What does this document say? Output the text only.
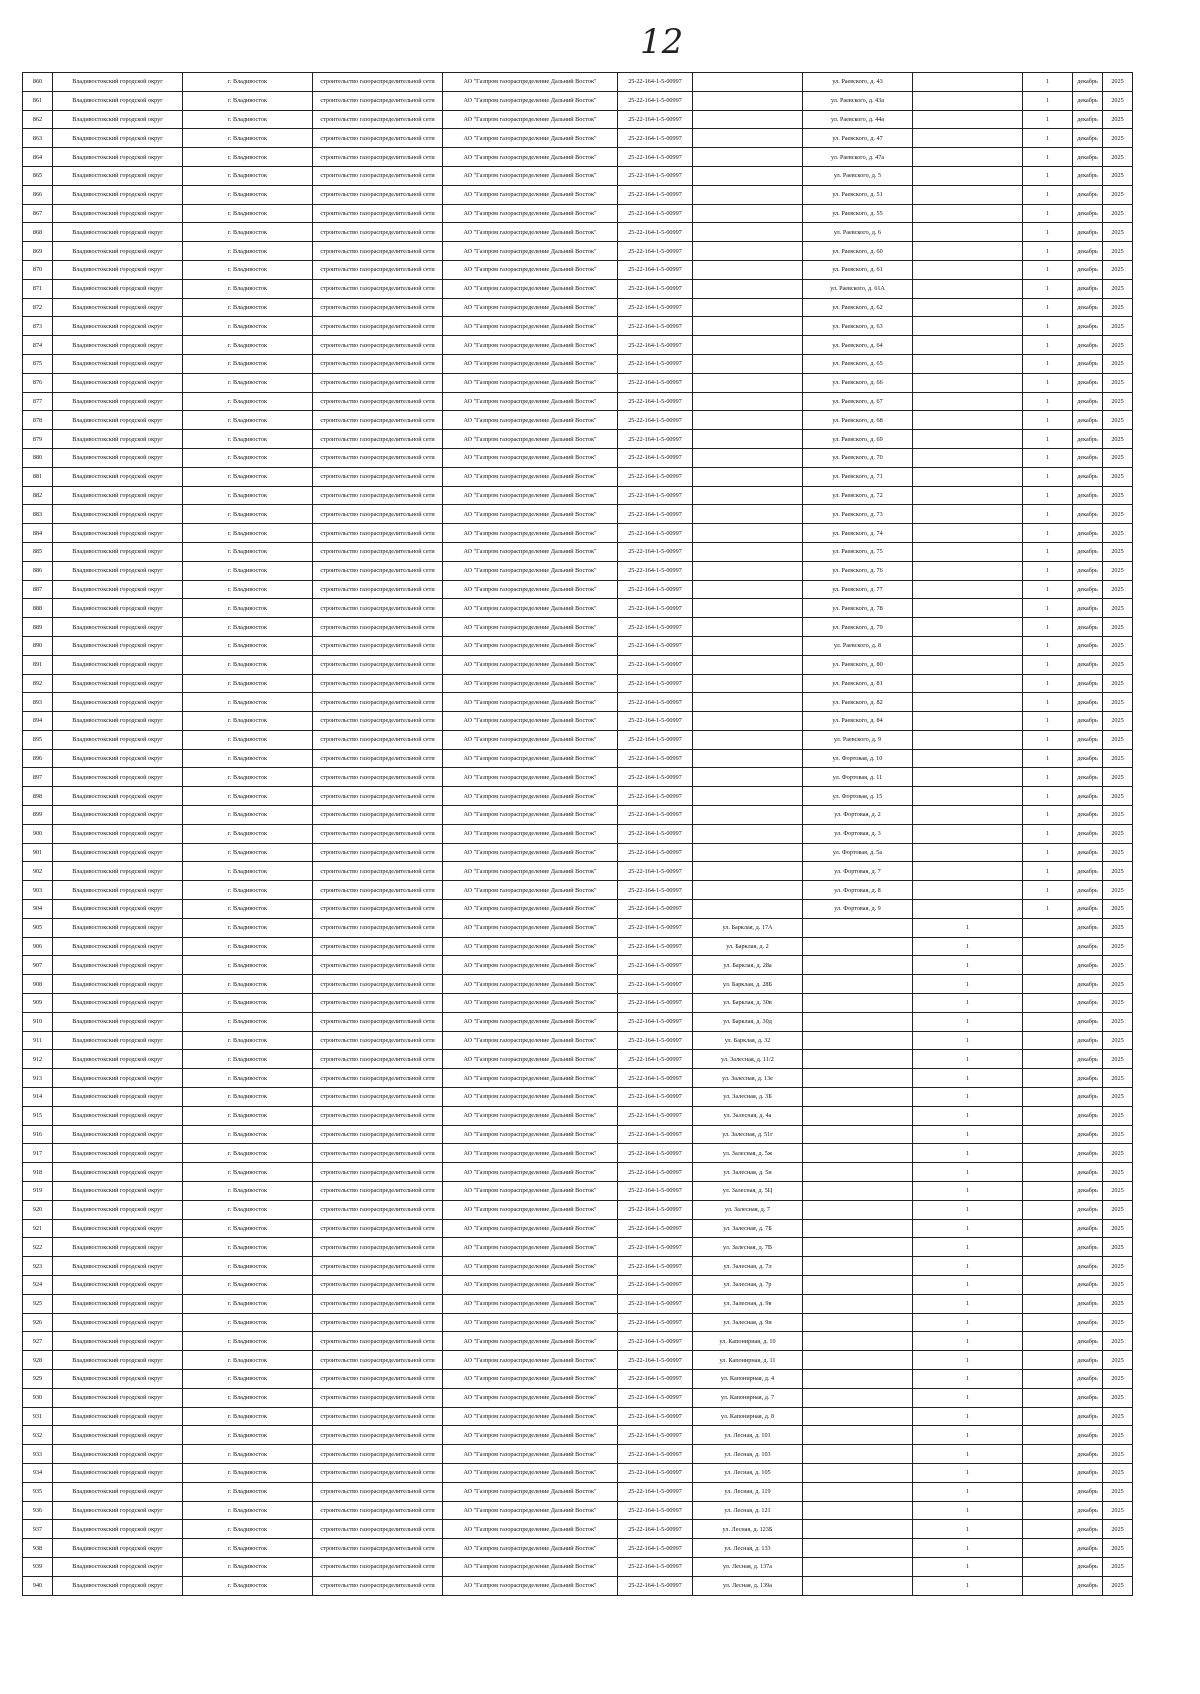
12
860	Владивостокский городской округ	г. Владивосток	строительство газораспределительной сети	АО "Газпром газораспределение Дальний Восток"	25-22-164-1-5-00997		ул. Раевского, д. 43		1	декабрь	2025
861	Владивостокский городской округ	г. Владивосток	строительство газораспределительной сети	АО "Газпром газораспределение Дальний Восток"	25-22-164-1-5-00997		ул. Раевского, д. 43а		1	декабрь	2025
862	Владивостокский городской округ	г. Владивосток	строительство газораспределительной сети	АО "Газпром газораспределение Дальний Восток"	25-22-164-1-5-00997		ул. Раевского, д. 44а		1	декабрь	2025
863	Владивостокский городской округ	г. Владивосток	строительство газораспределительной сети	АО "Газпром газораспределение Дальний Восток"	25-22-164-1-5-00997		ул. Раевского, д. 47		1	декабрь	2025
864	Владивостокский городской округ	г. Владивосток	строительство газораспределительной сети	АО "Газпром газораспределение Дальний Восток"	25-22-164-1-5-00997		ул. Раевского, д. 47а		1	декабрь	2025
865	Владивостокский городской округ	г. Владивосток	строительство газораспределительной сети	АО "Газпром газораспределение Дальний Восток"	25-22-164-1-5-00997		ул. Раевского, д. 5		1	декабрь	2025
866	Владивостокский городской округ	г. Владивосток	строительство газораспределительной сети	АО "Газпром газораспределение Дальний Восток"	25-22-164-1-5-00997		ул. Раевского, д. 51		1	декабрь	2025
867	Владивостокский городской округ	г. Владивосток	строительство газораспределительной сети	АО "Газпром газораспределение Дальний Восток"	25-22-164-1-5-00997		ул. Раевского, д. 55		1	декабрь	2025
868	Владивостокский городской округ	г. Владивосток	строительство газораспределительной сети	АО "Газпром газораспределение Дальний Восток"	25-22-164-1-5-00997		ул. Раевского, д. 6		1	декабрь	2025
869	Владивостокский городской округ	г. Владивосток	строительство газораспределительной сети	АО "Газпром газораспределение Дальний Восток"	25-22-164-1-5-00997		ул. Раевского, д. 60		1	декабрь	2025
870	Владивостокский городской округ	г. Владивосток	строительство газораспределительной сети	АО "Газпром газораспределение Дальний Восток"	25-22-164-1-5-00997		ул. Раевского, д. 61		1	декабрь	2025
871	Владивостокский городской округ	г. Владивосток	строительство газораспределительной сети	АО "Газпром газораспределение Дальний Восток"	25-22-164-1-5-00997		ул. Раевского, д. 61А		1	декабрь	2025
872	Владивостокский городской округ	г. Владивосток	строительство газораспределительной сети	АО "Газпром газораспределение Дальний Восток"	25-22-164-1-5-00997		ул. Раевского, д. 62		1	декабрь	2025
873	Владивостокский городской округ	г. Владивосток	строительство газораспределительной сети	АО "Газпром газораспределение Дальний Восток"	25-22-164-1-5-00997		ул. Раевского, д. 63		1	декабрь	2025
874	Владивостокский городской округ	г. Владивосток	строительство газораспределительной сети	АО "Газпром газораспределение Дальний Восток"	25-22-164-1-5-00997		ул. Раевского, д. 64		1	декабрь	2025
875	Владивостокский городской округ	г. Владивосток	строительство газораспределительной сети	АО "Газпром газораспределение Дальний Восток"	25-22-164-1-5-00997		ул. Раевского, д. 65		1	декабрь	2025
876	Владивостокский городской округ	г. Владивосток	строительство газораспределительной сети	АО "Газпром газораспределение Дальний Восток"	25-22-164-1-5-00997		ул. Раевского, д. 66		1	декабрь	2025
877	Владивостокский городской округ	г. Владивосток	строительство газораспределительной сети	АО "Газпром газораспределение Дальний Восток"	25-22-164-1-5-00997		ул. Раевского, д. 67		1	декабрь	2025
878	Владивостокский городской округ	г. Владивосток	строительство газораспределительной сети	АО "Газпром газораспределение Дальний Восток"	25-22-164-1-5-00997		ул. Раевского, д. 68		1	декабрь	2025
879	Владивостокский городской округ	г. Владивосток	строительство газораспределительной сети	АО "Газпром газораспределение Дальний Восток"	25-22-164-1-5-00997		ул. Раевского, д. 69		1	декабрь	2025
880	Владивостокский городской округ	г. Владивосток	строительство газораспределительной сети	АО "Газпром газораспределение Дальний Восток"	25-22-164-1-5-00997		ул. Раевского, д. 70		1	декабрь	2025
881	Владивостокский городской округ	г. Владивосток	строительство газораспределительной сети	АО "Газпром газораспределение Дальний Восток"	25-22-164-1-5-00997		ул. Раевского, д. 71		1	декабрь	2025
882	Владивостокский городской округ	г. Владивосток	строительство газораспределительной сети	АО "Газпром газораспределение Дальний Восток"	25-22-164-1-5-00997		ул. Раевского, д. 72		1	декабрь	2025
883	Владивостокский городской округ	г. Владивосток	строительство газораспределительной сети	АО "Газпром газораспределение Дальний Восток"	25-22-164-1-5-00997		ул. Раевского, д. 73		1	декабрь	2025
884	Владивостокский городской округ	г. Владивосток	строительство газораспределительной сети	АО "Газпром газораспределение Дальний Восток"	25-22-164-1-5-00997		ул. Раевского, д. 74		1	декабрь	2025
885	Владивостокский городской округ	г. Владивосток	строительство газораспределительной сети	АО "Газпром газораспределение Дальний Восток"	25-22-164-1-5-00997		ул. Раевского, д. 75		1	декабрь	2025
886	Владивостокский городской округ	г. Владивосток	строительство газораспределительной сети	АО "Газпром газораспределение Дальний Восток"	25-22-164-1-5-00997		ул. Раевского, д. 76		1	декабрь	2025
887	Владивостокский городской округ	г. Владивосток	строительство газораспределительной сети	АО "Газпром газораспределение Дальний Восток"	25-22-164-1-5-00997		ул. Раевского, д. 77		1	декабрь	2025
888	Владивостокский городской округ	г. Владивосток	строительство газораспределительной сети	АО "Газпром газораспределение Дальний Восток"	25-22-164-1-5-00997		ул. Раевского, д. 78		1	декабрь	2025
889	Владивостокский городской округ	г. Владивосток	строительство газораспределительной сети	АО "Газпром газораспределение Дальний Восток"	25-22-164-1-5-00997		ул. Раевского, д. 79		1	декабрь	2025
890	Владивостокский городской округ	г. Владивосток	строительство газораспределительной сети	АО "Газпром газораспределение Дальний Восток"	25-22-164-1-5-00997		ул. Раевского, д. 8		1	декабрь	2025
891	Владивостокский городской округ	г. Владивосток	строительство газораспределительной сети	АО "Газпром газораспределение Дальний Восток"	25-22-164-1-5-00997		ул. Раевского, д. 80		1	декабрь	2025
892	Владивостокский городской округ	г. Владивосток	строительство газораспределительной сети	АО "Газпром газораспределение Дальний Восток"	25-22-164-1-5-00997		ул. Раевского, д. 81		1	декабрь	2025
893	Владивостокский городской округ	г. Владивосток	строительство газораспределительной сети	АО "Газпром газораспределение Дальний Восток"	25-22-164-1-5-00997		ул. Раевского, д. 82		1	декабрь	2025
894	Владивостокский городской округ	г. Владивосток	строительство газораспределительной сети	АО "Газпром газораспределение Дальний Восток"	25-22-164-1-5-00997		ул. Раевского, д. 84		1	декабрь	2025
895	Владивостокский городской округ	г. Владивосток	строительство газораспределительной сети	АО "Газпром газораспределение Дальний Восток"	25-22-164-1-5-00997		ул. Раевского, д. 9		1	декабрь	2025
896	Владивостокский городской округ	г. Владивосток	строительство газораспределительной сети	АО "Газпром газораспределение Дальний Восток"	25-22-164-1-5-00997		ул. Фортовая, д. 10		1	декабрь	2025
897	Владивостокский городской округ	г. Владивосток	строительство газораспределительной сети	АО "Газпром газораспределение Дальний Восток"	25-22-164-1-5-00997		ул. Фортовая, д. 11		1	декабрь	2025
898	Владивостокский городской округ	г. Владивосток	строительство газораспределительной сети	АО "Газпром газораспределение Дальний Восток"	25-22-164-1-5-00997		ул. Фортовая, д. 15		1	декабрь	2025
899	Владивостокский городской округ	г. Владивосток	строительство газораспределительной сети	АО "Газпром газораспределение Дальний Восток"	25-22-164-1-5-00997		ул. Фортовая, д. 2		1	декабрь	2025
900	Владивостокский городской округ	г. Владивосток	строительство газораспределительной сети	АО "Газпром газораспределение Дальний Восток"	25-22-164-1-5-00997		ул. Фортовая, д. 3		1	декабрь	2025
901	Владивостокский городской округ	г. Владивосток	строительство газораспределительной сети	АО "Газпром газораспределение Дальний Восток"	25-22-164-1-5-00997		ул. Фортовая, д. 5а		1	декабрь	2025
902	Владивостокский городской округ	г. Владивосток	строительство газораспределительной сети	АО "Газпром газораспределение Дальний Восток"	25-22-164-1-5-00997		ул. Фортовая, д. 7		1	декабрь	2025
903	Владивостокский городской округ	г. Владивосток	строительство газораспределительной сети	АО "Газпром газораспределение Дальний Восток"	25-22-164-1-5-00997		ул. Фортовая, д. 8		1	декабрь	2025
904	Владивостокский городской округ	г. Владивосток	строительство газораспределительной сети	АО "Газпром газораспределение Дальний Восток"	25-22-164-1-5-00997		ул. Фортовая, д. 9		1	декабрь	2025
905	Владивостокский городской округ	г. Владивосток	строительство газораспределительной сети	АО "Газпром газораспределение Дальний Восток"	25-22-164-1-5-00997	ул. Барклая, д. 17А		1		декабрь	2025
906	Владивостокский городской округ	г. Владивосток	строительство газораспределительной сети	АО "Газпром газораспределение Дальний Восток"	25-22-164-1-5-00997	ул. Барклая, д. 2		1		декабрь	2025
907	Владивостокский городской округ	г. Владивосток	строительство газораспределительной сети	АО "Газпром газораспределение Дальний Восток"	25-22-164-1-5-00997	ул. Барклая, д. 28а		1		декабрь	2025
908	Владивостокский городской округ	г. Владивосток	строительство газораспределительной сети	АО "Газпром газораспределение Дальний Восток"	25-22-164-1-5-00997	ул. Барклая, д. 28Б		1		декабрь	2025
909	Владивостокский городской округ	г. Владивосток	строительство газораспределительной сети	АО "Газпром газораспределение Дальний Восток"	25-22-164-1-5-00997	ул. Барклая, д. 30в		1		декабрь	2025
910	Владивостокский городской округ	г. Владивосток	строительство газораспределительной сети	АО "Газпром газораспределение Дальний Восток"	25-22-164-1-5-00997	ул. Барклая, д. 30д		1		декабрь	2025
911	Владивостокский городской округ	г. Владивосток	строительство газораспределительной сети	АО "Газпром газораспределение Дальний Восток"	25-22-164-1-5-00997	ул. Барклая, д. 32		1		декабрь	2025
912	Владивостокский городской округ	г. Владивосток	строительство газораспределительной сети	АО "Газпром газораспределение Дальний Восток"	25-22-164-1-5-00997	ул. Залесная, д. 11/2		1		декабрь	2025
913	Владивостокский городской округ	г. Владивосток	строительство газораспределительной сети	АО "Газпром газораспределение Дальний Восток"	25-22-164-1-5-00997	ул. Залесная, д. 13е		1		декабрь	2025
914	Владивостокский городской округ	г. Владивосток	строительство газораспределительной сети	АО "Газпром газораспределение Дальний Восток"	25-22-164-1-5-00997	ул. Залесная, д. 3Б		1		декабрь	2025
915	Владивостокский городской округ	г. Владивосток	строительство газораспределительной сети	АО "Газпром газораспределение Дальний Восток"	25-22-164-1-5-00997	ул. Залесная, д. 4а		1		декабрь	2025
916	Владивостокский городской округ	г. Владивосток	строительство газораспределительной сети	АО "Газпром газораспределение Дальний Восток"	25-22-164-1-5-00997	ул. Залесная, д. 51г		1		декабрь	2025
917	Владивостокский городской округ	г. Владивосток	строительство газораспределительной сети	АО "Газпром газораспределение Дальний Восток"	25-22-164-1-5-00997	ул. Залесная, д. 5ж		1		декабрь	2025
918	Владивостокский городской округ	г. Владивосток	строительство газораспределительной сети	АО "Газпром газораспределение Дальний Восток"	25-22-164-1-5-00997	ул. Залесная, д. 5и		1		декабрь	2025
919	Владивостокский городской округ	г. Владивосток	строительство газораспределительной сети	АО "Газпром газораспределение Дальний Восток"	25-22-164-1-5-00997	ул. Залесная, д. 5Ц		1		декабрь	2025
920	Владивостокский городской округ	г. Владивосток	строительство газораспределительной сети	АО "Газпром газораспределение Дальний Восток"	25-22-164-1-5-00997	ул. Залесная, д. 7		1		декабрь	2025
921	Владивостокский городской округ	г. Владивосток	строительство газораспределительной сети	АО "Газпром газораспределение Дальний Восток"	25-22-164-1-5-00997	ул. Залесная, д. 7Б		1		декабрь	2025
922	Владивостокский городской округ	г. Владивосток	строительство газораспределительной сети	АО "Газпром газораспределение Дальний Восток"	25-22-164-1-5-00997	ул. Залесная, д. 7В		1		декабрь	2025
923	Владивостокский городской округ	г. Владивосток	строительство газораспределительной сети	АО "Газпром газораспределение Дальний Восток"	25-22-164-1-5-00997	ул. Залесная, д. 7л		1		декабрь	2025
924	Владивостокский городской округ	г. Владивосток	строительство газораспределительной сети	АО "Газпром газораспределение Дальний Восток"	25-22-164-1-5-00997	ул. Залесная, д. 7р		1		декабрь	2025
925	Владивостокский городской округ	г. Владивосток	строительство газораспределительной сети	АО "Газпром газораспределение Дальний Восток"	25-22-164-1-5-00997	ул. Залесная, д. 9в		1		декабрь	2025
926	Владивостокский городской округ	г. Владивосток	строительство газораспределительной сети	АО "Газпром газораспределение Дальний Восток"	25-22-164-1-5-00997	ул. Залесная, д. 9и		1		декабрь	2025
927	Владивостокский городской округ	г. Владивосток	строительство газораспределительной сети	АО "Газпром газораспределение Дальний Восток"	25-22-164-1-5-00997	ул. Капонирная, д. 10		1		декабрь	2025
928	Владивостокский городской округ	г. Владивосток	строительство газораспределительной сети	АО "Газпром газораспределение Дальний Восток"	25-22-164-1-5-00997	ул. Капонирная, д. 11		1		декабрь	2025
929	Владивостокский городской округ	г. Владивосток	строительство газораспределительной сети	АО "Газпром газораспределение Дальний Восток"	25-22-164-1-5-00997	ул. Капонирная, д. 4		1		декабрь	2025
930	Владивостокский городской округ	г. Владивосток	строительство газораспределительной сети	АО "Газпром газораспределение Дальний Восток"	25-22-164-1-5-00997	ул. Капонирная, д. 7		1		декабрь	2025
931	Владивостокский городской округ	г. Владивосток	строительство газораспределительной сети	АО "Газпром газораспределение Дальний Восток"	25-22-164-1-5-00997	ул. Капонирная, д. 8		1		декабрь	2025
932	Владивостокский городской округ	г. Владивосток	строительство газораспределительной сети	АО "Газпром газораспределение Дальний Восток"	25-22-164-1-5-00997	ул. Лесная, д. 101		1		декабрь	2025
933	Владивостокский городской округ	г. Владивосток	строительство газораспределительной сети	АО "Газпром газораспределение Дальний Восток"	25-22-164-1-5-00997	ул. Лесная, д. 103		1		декабрь	2025
934	Владивостокский городской округ	г. Владивосток	строительство газораспределительной сети	АО "Газпром газораспределение Дальний Восток"	25-22-164-1-5-00997	ул. Лесная, д. 105		1		декабрь	2025
935	Владивостокский городской округ	г. Владивосток	строительство газораспределительной сети	АО "Газпром газораспределение Дальний Восток"	25-22-164-1-5-00997	ул. Лесная, д. 119		1		декабрь	2025
936	Владивостокский городской округ	г. Владивосток	строительство газораспределительной сети	АО "Газпром газораспределение Дальний Восток"	25-22-164-1-5-00997	ул. Лесная, д. 121		1		декабрь	2025
937	Владивостокский городской округ	г. Владивосток	строительство газораспределительной сети	АО "Газпром газораспределение Дальний Восток"	25-22-164-1-5-00997	ул. Лесная, д. 123Б		1		декабрь	2025
938	Владивостокский городской округ	г. Владивосток	строительство газораспределительной сети	АО "Газпром газораспределение Дальний Восток"	25-22-164-1-5-00997	ул. Лесная, д. 133		1		декабрь	2025
939	Владивостокский городской округ	г. Владивосток	строительство газораспределительной сети	АО "Газпром газораспределение Дальний Восток"	25-22-164-1-5-00997	ул. Лесная, д. 137а		1		декабрь	2025
940	Владивостокский городской округ	г. Владивосток	строительство газораспределительной сети	АО "Газпром газораспределение Дальний Восток"	25-22-164-1-5-00997	ул. Лесная, д. 139а		1		декабрь	2025
